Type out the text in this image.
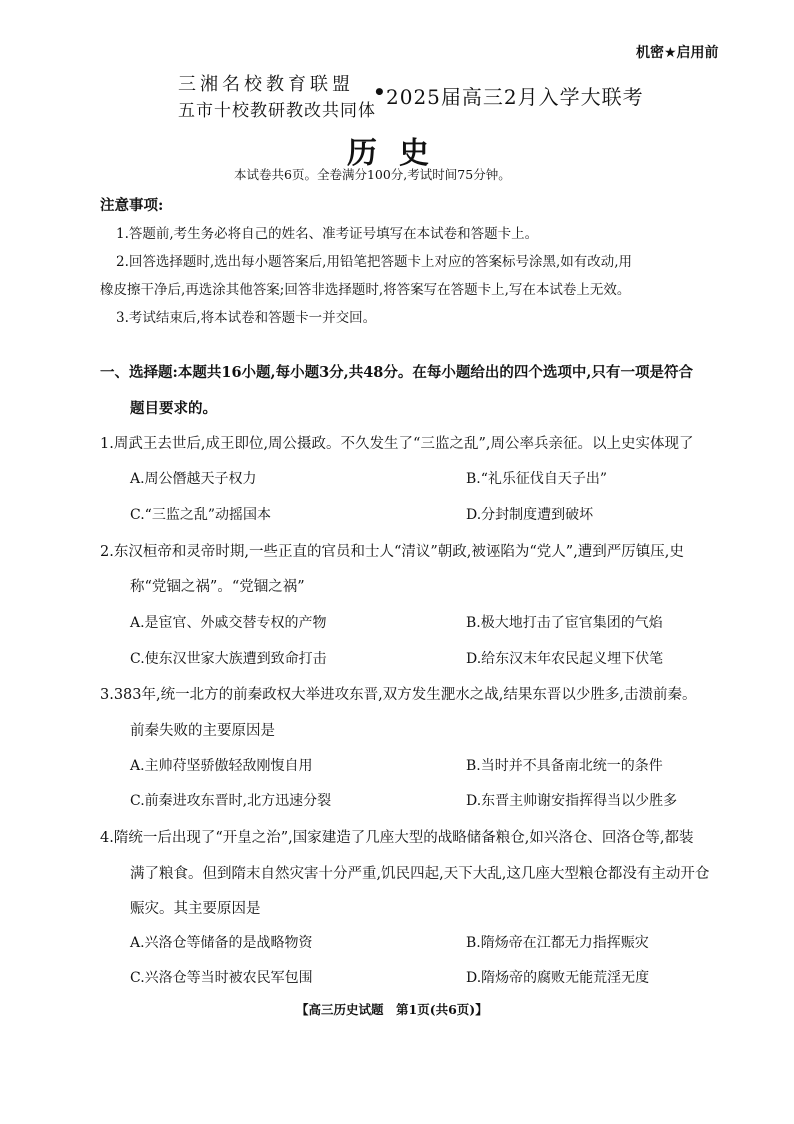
机密★启用前
三湘名校教育联盟
五市十校教研教改共同体
• 2025届高三2月入学大联考
历史
本试卷共6页。全卷满分100分,考试时间75分钟。
注意事项:
1.答题前,考生务必将自己的姓名、准考证号填写在本试卷和答题卡上。
2.回答选择题时,选出每小题答案后,用铅笔把答题卡上对应的答案标号涂黑,如有改动,用
橡皮擦干净后,再选涂其他答案;回答非选择题时,将答案写在答题卡上,写在本试卷上无效。
3.考试结束后,将本试卷和答题卡一并交回。
一、选择题:本题共16小题,每小题3分,共48分。在每小题给出的四个选项中,只有一项是符合
题目要求的。
1.周武王去世后,成王即位,周公摄政。不久发生了“三监之乱”,周公率兵亲征。以上史实体现了
A.周公僭越天子权力	B.“礼乐征伐自天子出”
C.“三监之乱”动摇国本	D.分封制度遭到破坏
2.东汉桓帝和灵帝时期,一些正直的官员和士人“清议”朝政,被诬陷为“党人”,遭到严厉镇压,史
称“党锢之祸”。“党锢之祸”
A.是宦官、外戚交替专权的产物	B.极大地打击了宦官集团的气焰
C.使东汉世家大族遭到致命打击	D.给东汉末年农民起义埋下伏笔
3.383年,统一北方的前秦政权大举进攻东晋,双方发生淝水之战,结果东晋以少胜多,击溃前秦。
前秦失败的主要原因是
A.主帅苻坚骄傲轻敌刚愎自用	B.当时并不具备南北统一的条件
C.前秦进攻东晋时,北方迅速分裂	D.东晋主帅谢安指挥得当以少胜多
4.隋统一后出现了“开皇之治”,国家建造了几座大型的战略储备粮仓,如兴洛仓、回洛仓等,都装
满了粮食。但到隋末自然灾害十分严重,饥民四起,天下大乱,这几座大型粮仓都没有主动开仓
赈灾。其主要原因是
A.兴洛仓等储备的是战略物资	B.隋炀帝在江都无力指挥赈灾
C.兴洛仓等当时被农民军包围	D.隋炀帝的腐败无能荒淫无度
【高三历史试题　第1页(共6页)】
